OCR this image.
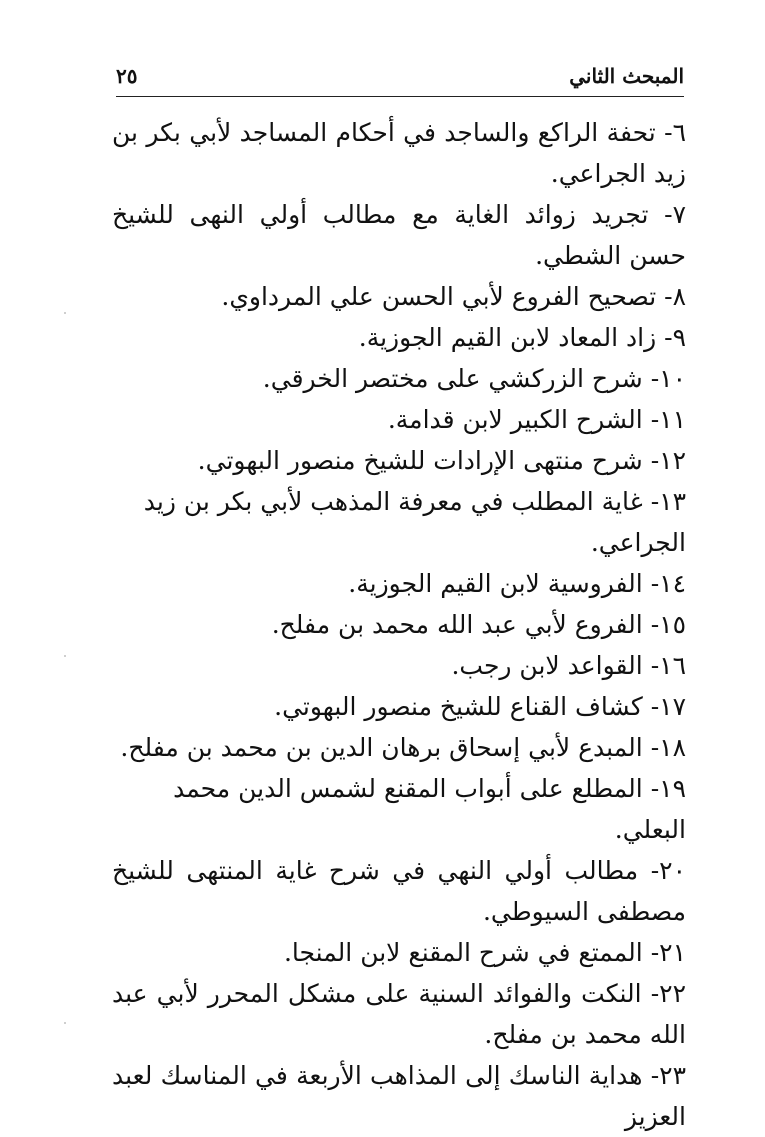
المبحث الثاني
٢٥
٦- تحفة الراكع والساجد في أحكام المساجد لأبي بكر بن زيد الجراعي.
٧- تجريد زوائد الغاية مع مطالب أولي النهى للشيخ حسن الشطي.
٨- تصحيح الفروع لأبي الحسن علي المرداوي.
٩- زاد المعاد لابن القيم الجوزية.
١٠- شرح الزركشي على مختصر الخرقي.
١١- الشرح الكبير لابن قدامة.
١٢- شرح منتهى الإرادات للشيخ منصور البهوتي.
١٣- غاية المطلب في معرفة المذهب لأبي بكر بن زيد الجراعي.
١٤- الفروسية لابن القيم الجوزية.
١٥- الفروع لأبي عبد الله محمد بن مفلح.
١٦- القواعد لابن رجب.
١٧- كشاف القناع للشيخ منصور البهوتي.
١٨- المبدع لأبي إسحاق برهان الدين بن محمد بن مفلح.
١٩- المطلع على أبواب المقنع لشمس الدين محمد البعلي.
٢٠- مطالب أولي النهي في شرح غاية المنتهى للشيخ مصطفى السيوطي.
٢١- الممتع في شرح المقنع لابن المنجا.
٢٢- النكت والفوائد السنية على مشكل المحرر لأبي عبد الله محمد بن مفلح.
٢٣- هداية الناسك إلى المذاهب الأربعة في المناسك لعبد العزيز
